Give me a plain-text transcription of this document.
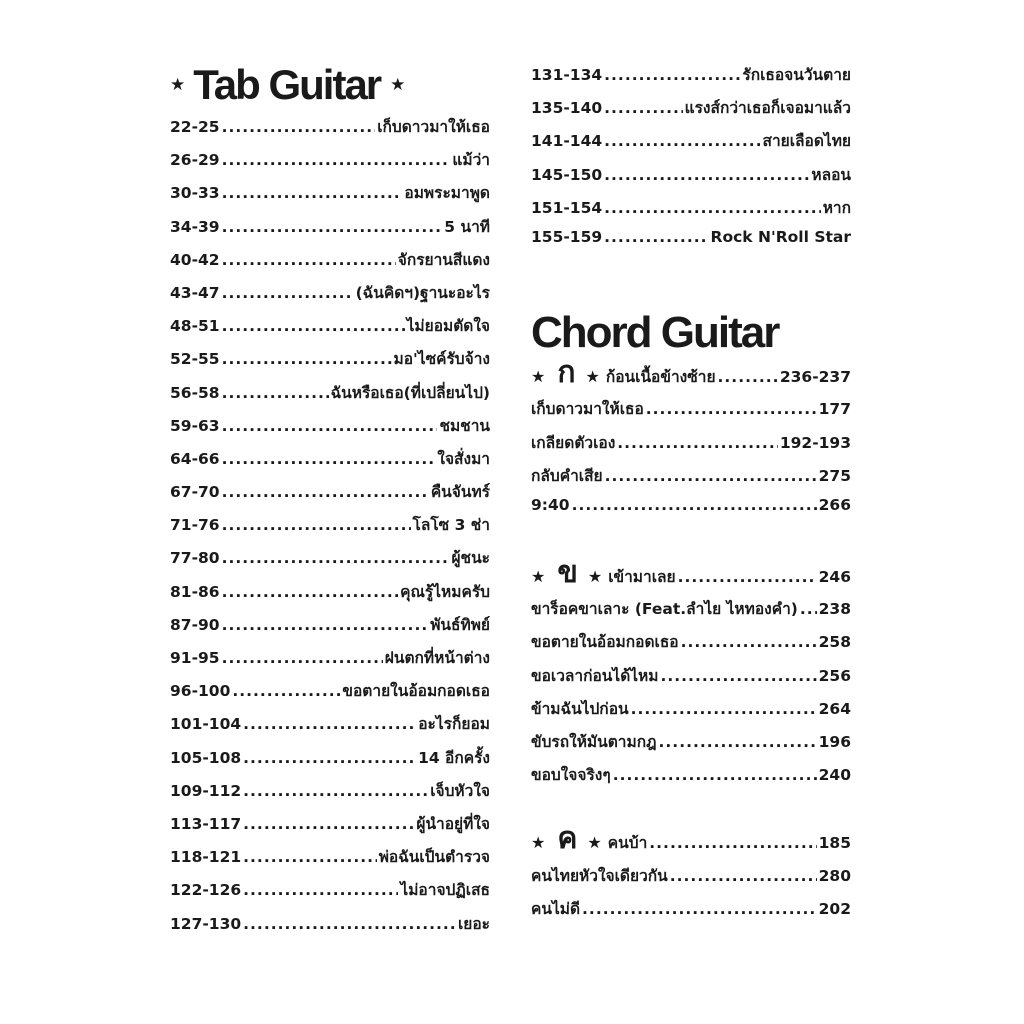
★ Tab Guitar ★
22-25 .....	เก็บดาวมาให้เธอ
26-29 .....	แม้ว่า
30-33 .....	อมพระมาพูด
34-39 .....	5 นาที
40-42 .....	จักรยานสีแดง
43-47 .....	(ฉันคิดฯ)ฐานะอะไร
48-51 .....	ไม่ยอมตัดใจ
52-55 .....	มอ'ไซค์รับจ้าง
56-58 .....	ฉันหรือเธอ(ที่เปลี่ยนไป)
59-63 .....	ชมชาน
64-66 .....	ใจสั่งมา
67-70 .....	คืนจันทร์
71-76 .....	โลโซ 3 ช่า
77-80 .....	ผู้ชนะ
81-86 .....	คุณรู้ไหมครับ
87-90 .....	พันธ์ทิพย์
91-95 .....	ฝนตกที่หน้าต่าง
96-100 .....	ขอตายในอ้อมกอดเธอ
101-104 .....	อะไรก็ยอม
105-108 .....	14 อีกครั้ง
109-112 .....	เจ็บหัวใจ
113-117 .....	ผู้นำอยู่ที่ใจ
118-121 .....	พ่อฉันเป็นตำรวจ
122-126 .....	ไม่อาจปฏิเสธ
127-130 .....	เยอะ
131-134 .....	รักเธอจนวันตาย
135-140 .....	แรงส์กว่าเธอก็เจอมาแล้ว
141-144 .....	สายเลือดไทย
145-150 .....	หลอน
151-154 .....	หาก
155-159 .....	Rock N'Roll Star
Chord Guitar
★ ก ★ ก้อนเนื้อข้างซ้าย .....	236-237
เก็บดาวมาให้เธอ .....	177
เกลียดตัวเอง .....	192-193
กลับคำเสีย .....	275
9:40 .....	266
★ ข ★ เข้ามาเลย .....	246
ขาร็อคขาเลาะ (Feat.ลำไย ไหทองคำ) ..... 238
ขอตายในอ้อมกอดเธอ .....	258
ขอเวลาก่อนได้ไหม .....	256
ข้ามฉันไปก่อน .....	264
ขับรถให้มันตามกฎ .....	196
ขอบใจจริงๆ .....	240
★ ค ★ คนบ้า .....	185
คนไทยหัวใจเดียวกัน .....	280
คนไม่ดี .....	202
